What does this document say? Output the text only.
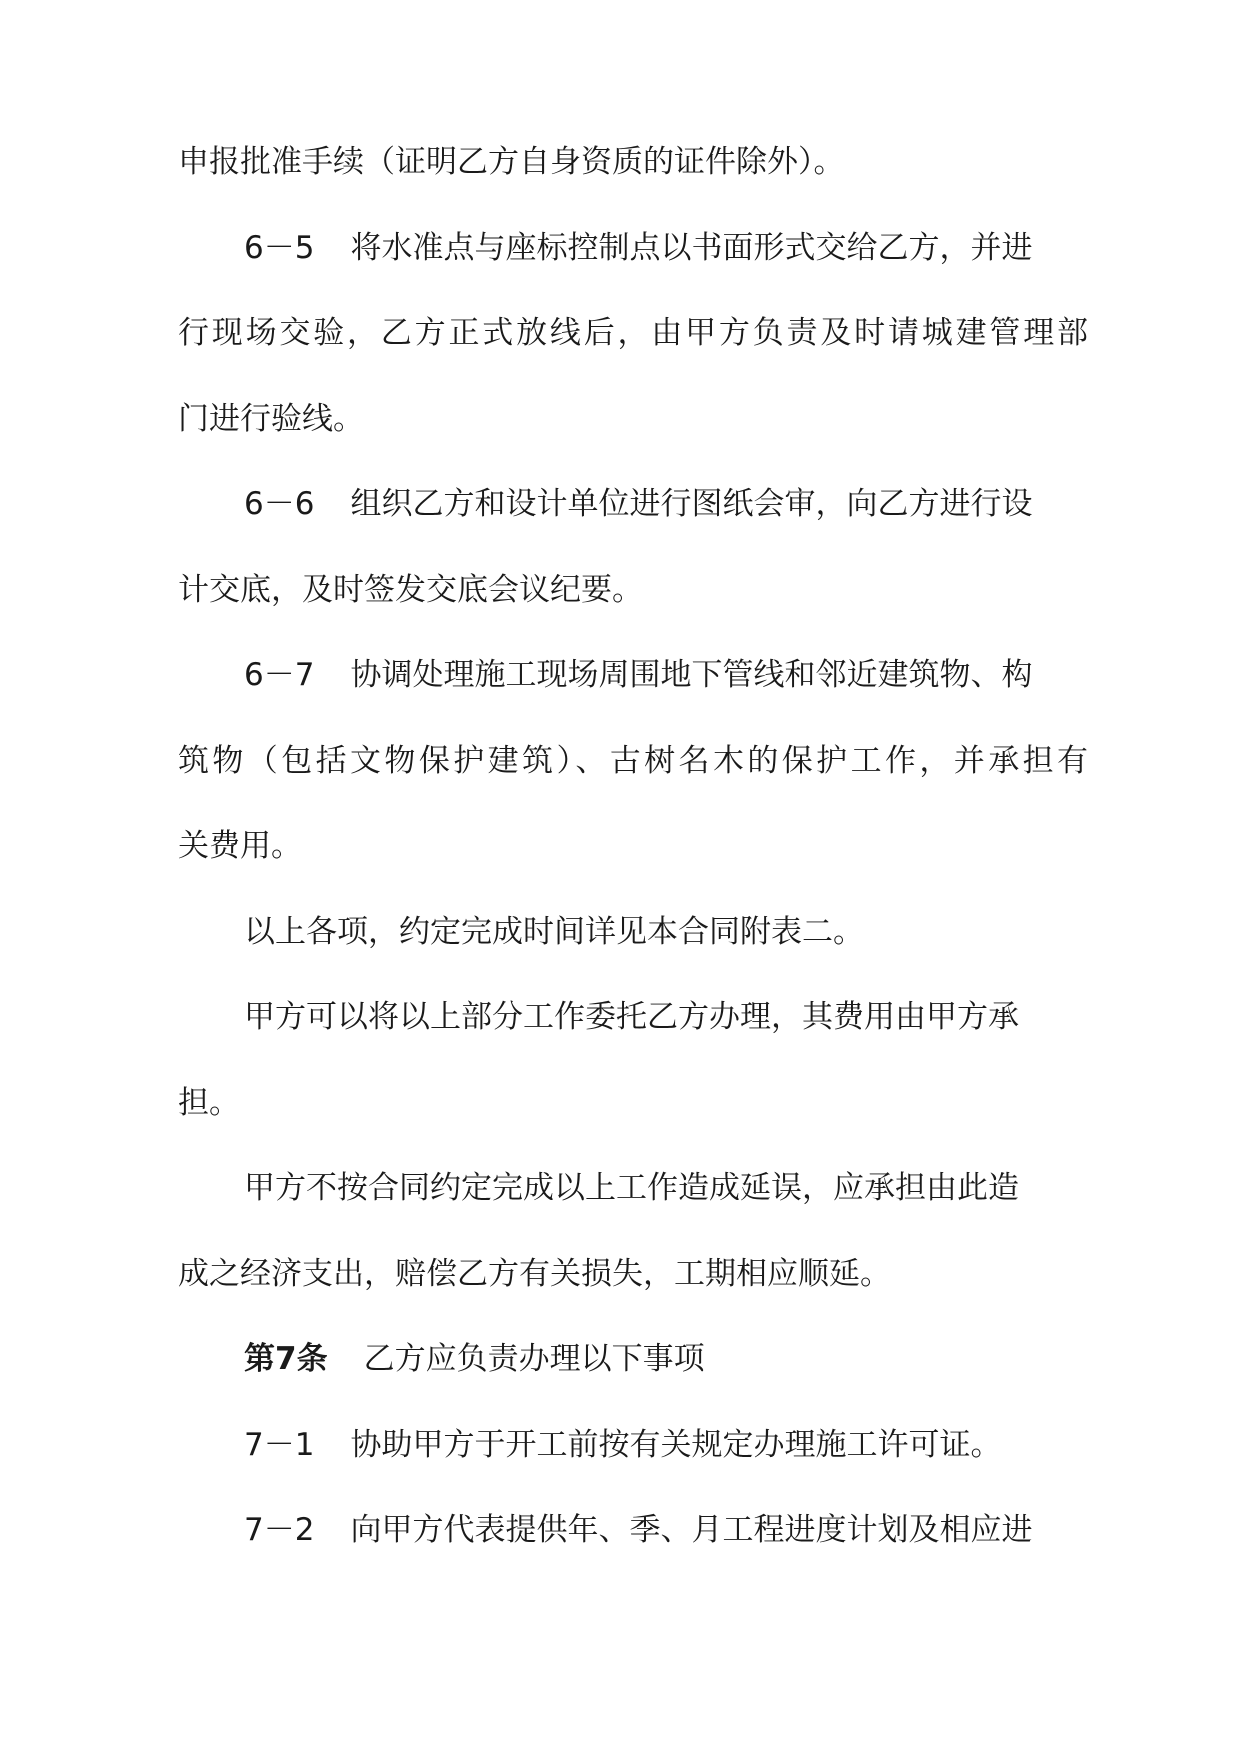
申报批准手续（证明乙方自身资质的证件除外）。
6－5 将水准点与座标控制点以书面形式交给乙方，并进
行现场交验，乙方正式放线后，由甲方负责及时请城建管理部
门进行验线。
6－6 组织乙方和设计单位进行图纸会审，向乙方进行设
计交底，及时签发交底会议纪要。
6－7 协调处理施工现场周围地下管线和邻近建筑物、构
筑物（包括文物保护建筑）、古树名木的保护工作，并承担有
关费用。
以上各项，约定完成时间详见本合同附表二。
甲方可以将以上部分工作委托乙方办理，其费用由甲方承
担。
甲方不按合同约定完成以上工作造成延误，应承担由此造
成之经济支出，赔偿乙方有关损失，工期相应顺延。
第7条 乙方应负责办理以下事项
7－1 协助甲方于开工前按有关规定办理施工许可证。
7－2 向甲方代表提供年、季、月工程进度计划及相应进
